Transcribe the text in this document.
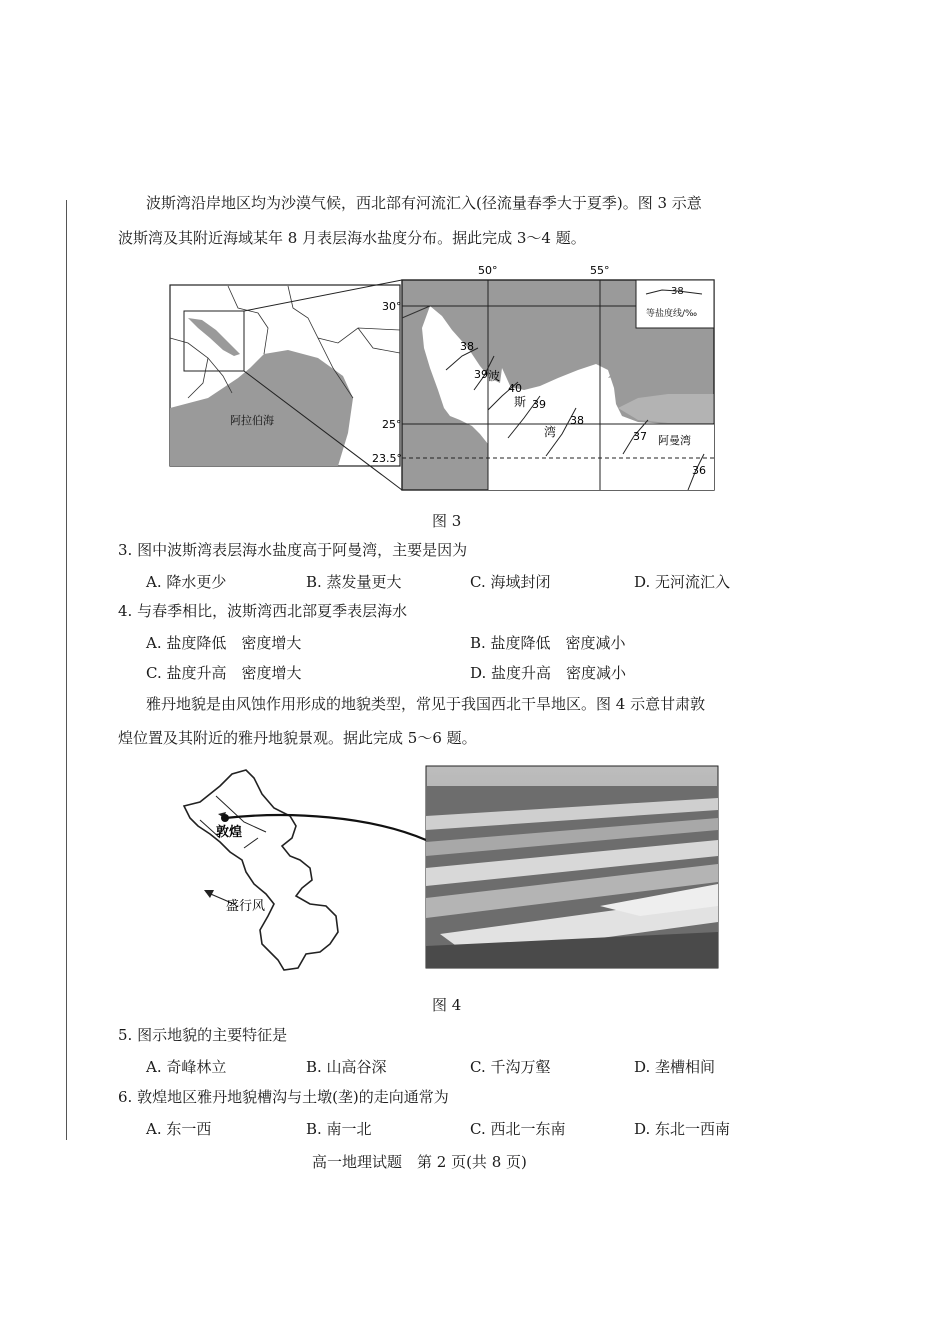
波斯湾沿岸地区均为沙漠气候，西北部有河流汇入(径流量春季大于夏季)。图 3 示意
波斯湾及其附近海域某年 8 月表层海水盐度分布。据此完成 3～4 题。
阿拉伯海
38
等盐度线/‰
38
39
40
39
38
37
36
波
斯
湾
阿曼湾
50°	55°
30°
25°
23.5°
图 3
3. 图中波斯湾表层海水盐度高于阿曼湾，主要是因为
A. 降水更少	B. 蒸发量更大	C. 海域封闭	D. 无河流汇入
4. 与春季相比，波斯湾西北部夏季表层海水
A. 盐度降低　密度增大	B. 盐度降低　密度减小
C. 盐度升高　密度增大	D. 盐度升高　密度减小
雅丹地貌是由风蚀作用形成的地貌类型，常见于我国西北干旱地区。图 4 示意甘肃敦
煌位置及其附近的雅丹地貌景观。据此完成 5～6 题。
敦煌
盛行风
图 4
5. 图示地貌的主要特征是
A. 奇峰林立	B. 山高谷深	C. 千沟万壑	D. 垄槽相间
6. 敦煌地区雅丹地貌槽沟与土墩(垄)的走向通常为
A. 东一西	B. 南一北	C. 西北一东南	D. 东北一西南
高一地理试题　第 2 页(共 8 页)
